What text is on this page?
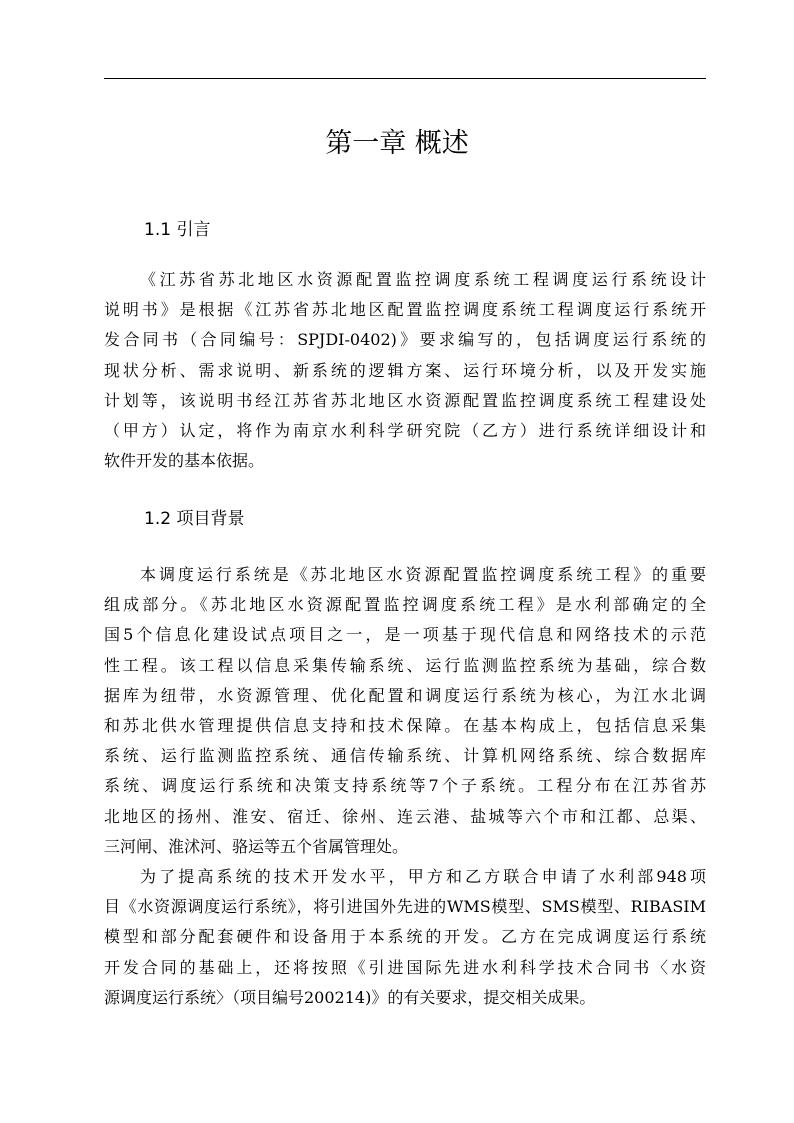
第一章 概述
1.1 引言
《江苏省苏北地区水资源配置监控调度系统工程调度运行系统设计
说明书》是根据《江苏省苏北地区配置监控调度系统工程调度运行系统开
发合同书（合同编号：SPJDI-0402)》要求编写的，包括调度运行系统的
现状分析、需求说明、新系统的逻辑方案、运行环境分析，以及开发实施
计划等，该说明书经江苏省苏北地区水资源配置监控调度系统工程建设处
（甲方）认定，将作为南京水利科学研究院（乙方）进行系统详细设计和
软件开发的基本依据。
1.2 项目背景
本调度运行系统是《苏北地区水资源配置监控调度系统工程》的重要
组成部分。《苏北地区水资源配置监控调度系统工程》是水利部确定的全
国5个信息化建设试点项目之一，是一项基于现代信息和网络技术的示范
性工程。该工程以信息采集传输系统、运行监测监控系统为基础，综合数
据库为纽带，水资源管理、优化配置和调度运行系统为核心，为江水北调
和苏北供水管理提供信息支持和技术保障。在基本构成上，包括信息采集
系统、运行监测监控系统、通信传输系统、计算机网络系统、综合数据库
系统、调度运行系统和决策支持系统等7个子系统。工程分布在江苏省苏
北地区的扬州、淮安、宿迁、徐州、连云港、盐城等六个市和江都、总渠、
三河闸、淮沭河、骆运等五个省属管理处。
为了提高系统的技术开发水平，甲方和乙方联合申请了水利部948项
目《水资源调度运行系统》，将引进国外先进的WMS模型、SMS模型、RIBASIM
模型和部分配套硬件和设备用于本系统的开发。乙方在完成调度运行系统
开发合同的基础上，还将按照《引进国际先进水利科学技术合同书〈水资
源调度运行系统〉（项目编号200214)》的有关要求，提交相关成果。
